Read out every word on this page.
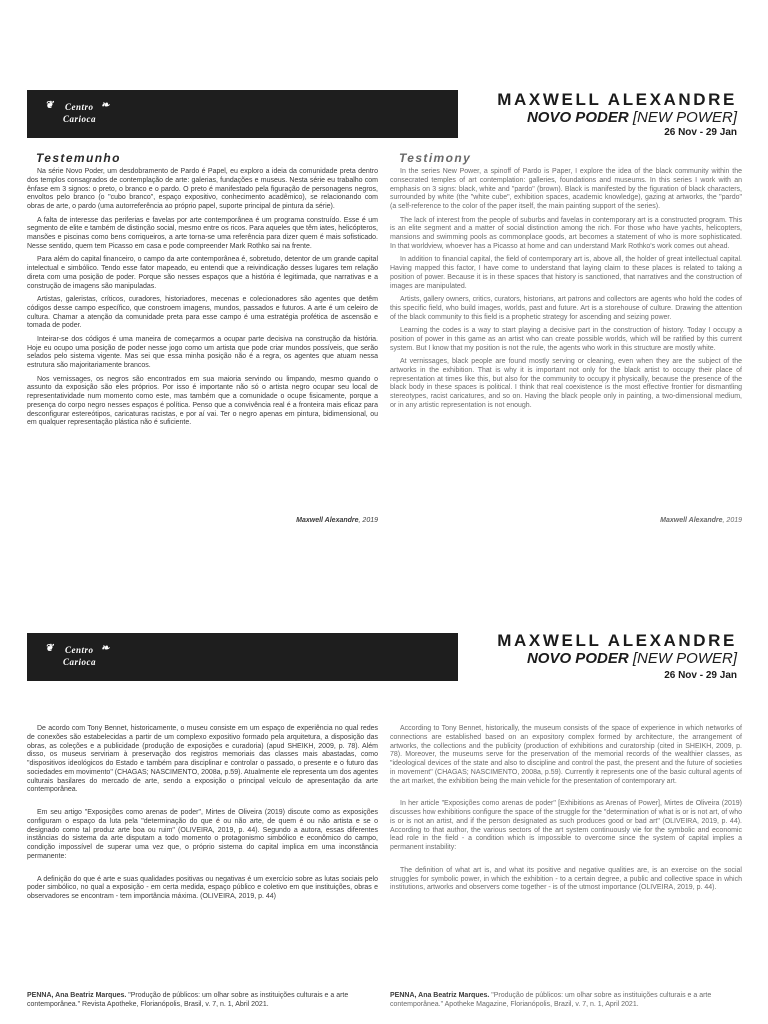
❦	❧
Centro
Carioca
MAXWELL ALEXANDRE
NOVO PODER [NEW POWER]
26 Nov - 29 Jan
Testemunho	Testimony

Na série Novo Poder, um desdobramento de Pardo é Papel, eu exploro a ideia da comunidade preta dentro dos templos consagrados de contemplação de arte: galerias, fundações e museus. Nesta série eu trabalho com ênfase em 3 signos: o preto, o branco e o pardo. O preto é manifestado pela figuração de personagens negros, envoltos pelo branco (o "cubo branco", espaço expositivo, conhecimento acadêmico), se relacionando com obras de arte, o pardo (uma autorreferência ao próprio papel, suporte principal de pintura da série).

A falta de interesse das periferias e favelas por arte contemporânea é um programa construído. Esse é um segmento de elite e também de distinção social, mesmo entre os ricos. Para aqueles que têm iates, helicópteros, mansões e piscinas como bens corriqueiros, a arte torna-se uma referência para dizer quem é mais sofisticado. Nesse sentido, quem tem Picasso em casa e pode compreender Mark Rothko sai na frente.

Para além do capital financeiro, o campo da arte contemporânea é, sobretudo, detentor de um grande capital intelectual e simbólico. Tendo esse fator mapeado, eu entendi que a reivindicação desses lugares tem relação direta com uma posição de poder. Porque são nesses espaços que a história é legitimada, que narrativas e a construção de imagens são manipuladas.

Artistas, galeristas, críticos, curadores, historiadores, mecenas e colecionadores são agentes que detêm códigos desse campo específico, que constroem imagens, mundos, passados e futuros. A arte é um celeiro de cultura. Chamar a atenção da comunidade preta para esse campo é uma estratégia profética de ascensão e tomada de poder.

Inteirar-se dos códigos é uma maneira de começarmos a ocupar parte decisiva na construção da história. Hoje eu ocupo uma posição de poder nesse jogo como um artista que pode criar mundos possíveis, que serão selados pelo sistema vigente. Mas sei que essa minha posição não é a regra, os agentes que atuam nessa estrutura são majoritariamente brancos.

Nos vernissages, os negros são encontrados em sua maioria servindo ou limpando, mesmo quando o assunto da exposição são eles próprios. Por isso é importante não só o artista negro ocupar seu local de representatividade num momento como este, mas também que a comunidade o ocupe fisicamente, porque a presença do corpo negro nesses espaços é política. Penso que a convivência real é a fronteira mais eficaz para desconfigurar estereótipos, caricaturas racistas, e por aí vai. Ter o negro apenas em pintura, bidimensional, ou em qualquer representação plástica não é suficiente.

In the series New Power, a spinoff of Pardo is Paper, I explore the idea of the black community within the consecrated temples of art contemplation: galleries, foundations and museums. In this series I work with an emphasis on 3 signs: black, white and "pardo" (brown). Black is manifested by the figuration of black characters, surrounded by white (the "white cube", exhibition spaces, academic knowledge), gazing at artworks, the "pardo" (a self-reference to the color of the paper itself, the main painting support of the series).

The lack of interest from the people of suburbs and favelas in contemporary art is a constructed program. This is an elite segment and a matter of social distinction among the rich. For those who have yachts, helicopters, mansions and swimming pools as commonplace goods, art becomes a statement of who is more sophisticated. In that worldview, whoever has a Picasso at home and can understand Mark Rothko's work comes out ahead.

In addition to financial capital, the field of contemporary art is, above all, the holder of great intellectual capital. Having mapped this factor, I have come to understand that laying claim to these places is related to taking a position of power. Because it is in these spaces that history is sanctioned, that narratives and the construction of images are manipulated.

Artists, gallery owners, critics, curators, historians, art patrons and collectors are agents who hold the codes of this specific field, who build images, worlds, past and future. Art is a storehouse of culture. Drawing the attention of the black community to this field is a prophetic strategy for ascending and seizing power.

Learning the codes is a way to start playing a decisive part in the construction of history. Today I occupy a position of power in this game as an artist who can create possible worlds, which will be ratified by this current system. But I know that my position is not the rule, the agents who work in this structure are mostly white.

At vernissages, black people are found mostly serving or cleaning, even when they are the subject of the artworks in the exhibition. That is why it is important not only for the black artist to occupy their place of representation at times like this, but also for the community to occupy it physically, because the presence of the black body in these spaces is political. I think that real coexistence is the most effective frontier for dismantling stereotypes, racist caricatures, and so on. Having the black people only in painting, a two-dimensional medium, or in any artistic representation is not enough.

Maxwell Alexandre, 2019	Maxwell Alexandre, 2019
❦	❧
Centro
Carioca
MAXWELL ALEXANDRE
NOVO PODER [NEW POWER]
26 Nov - 29 Jan

De acordo com Tony Bennet, historicamente, o museu consiste em um espaço de experiência no qual redes de conexões são estabelecidas a partir de um complexo expositivo formado pela arquitetura, a disposição das obras, as coleções e a publicidade (produção de exposições e curadoria) (apud SHEIKH, 2009, p. 78). Além disso, os museus serviriam à preservação dos registros memoriais das classes mais abastadas, como "dispositivos ideológicos do Estado e também para disciplinar e controlar o passado, o presente e o futuro das sociedades em movimento" (CHAGAS; NASCIMENTO, 2008a, p.59). Atualmente ele representa um dos agentes culturais basilares do mercado de arte, sendo a exposição o principal veículo de apresentação da arte contemporânea.

Em seu artigo "Exposições como arenas de poder", Mirtes de Oliveira (2019) discute como as exposições configuram o espaço da luta pela "determinação do que é ou não arte, de quem é ou não artista e se o designado como tal produz arte boa ou ruim" (OLIVEIRA, 2019, p. 44). Segundo a autora, essas diferentes instâncias do sistema da arte disputam a todo momento o protagonismo simbólico e econômico do campo, condição impossível de superar uma vez que, o próprio sistema do capital implica em uma inconstância permanente:

A definição do que é arte e suas qualidades positivas ou negativas é um exercício sobre as lutas sociais pelo poder simbólico, no qual a exposição - em certa medida, espaço público e coletivo em que instituições, obras e observadores se encontram - tem importância máxima. (OLIVEIRA, 2019, p. 44)

According to Tony Bennet, historically, the museum consists of the space of experience in which networks of connections are established based on an expository complex formed by architecture, the arrangement of artworks, the collections and the publicity (production of exhibitions and curatorship (cited in SHEIKH, 2009, p. 78). Moreover, the museums serve for the preservation of the memorial records of the wealthier classes, as "ideological devices of the state and also to discipline and control the past, the present and the future of societies in movement" (CHAGAS; NASCIMENTO, 2008a, p.59). Currently it represents one of the basic cultural agents of the art market, the exhibition being the main vehicle for the presentation of contemporary art.

In her article "Exposições como arenas de poder" [Exhibitions as Arenas of Power], Mirtes de Oliveira (2019) discusses how exhibitions configure the space of the struggle for the "determination of what is or is not art, of who is or is not an artist, and if the person designated as such produces good or bad art" (OLIVEIRA, 2019, p. 44). According to that author, the various sectors of the art system continuously vie for the symbolic and economic lead role in the field - a condition which is impossible to overcome since the system of capital implies a permanent instability:

The definition of what art is, and what its positive and negative qualities are, is an exercise on the social struggles for symbolic power, in which the exhibition - to a certain degree, a public and collective space in which institutions, artworks and observers come together - is of the utmost importance (OLIVEIRA, 2019, p. 44).

PENNA, Ana Beatriz Marques. "Produção de públicos: um olhar sobre as instituições culturais e a arte contemporânea." Revista Apotheke, Florianópolis, Brasil, v. 7, n. 1, Abril 2021.
PENNA, Ana Beatriz Marques. "Produção de públicos: um olhar sobre as instituições culturais e a arte contemporânea." Apotheke Magazine, Florianópolis, Brazil, v. 7, n. 1, April 2021.
